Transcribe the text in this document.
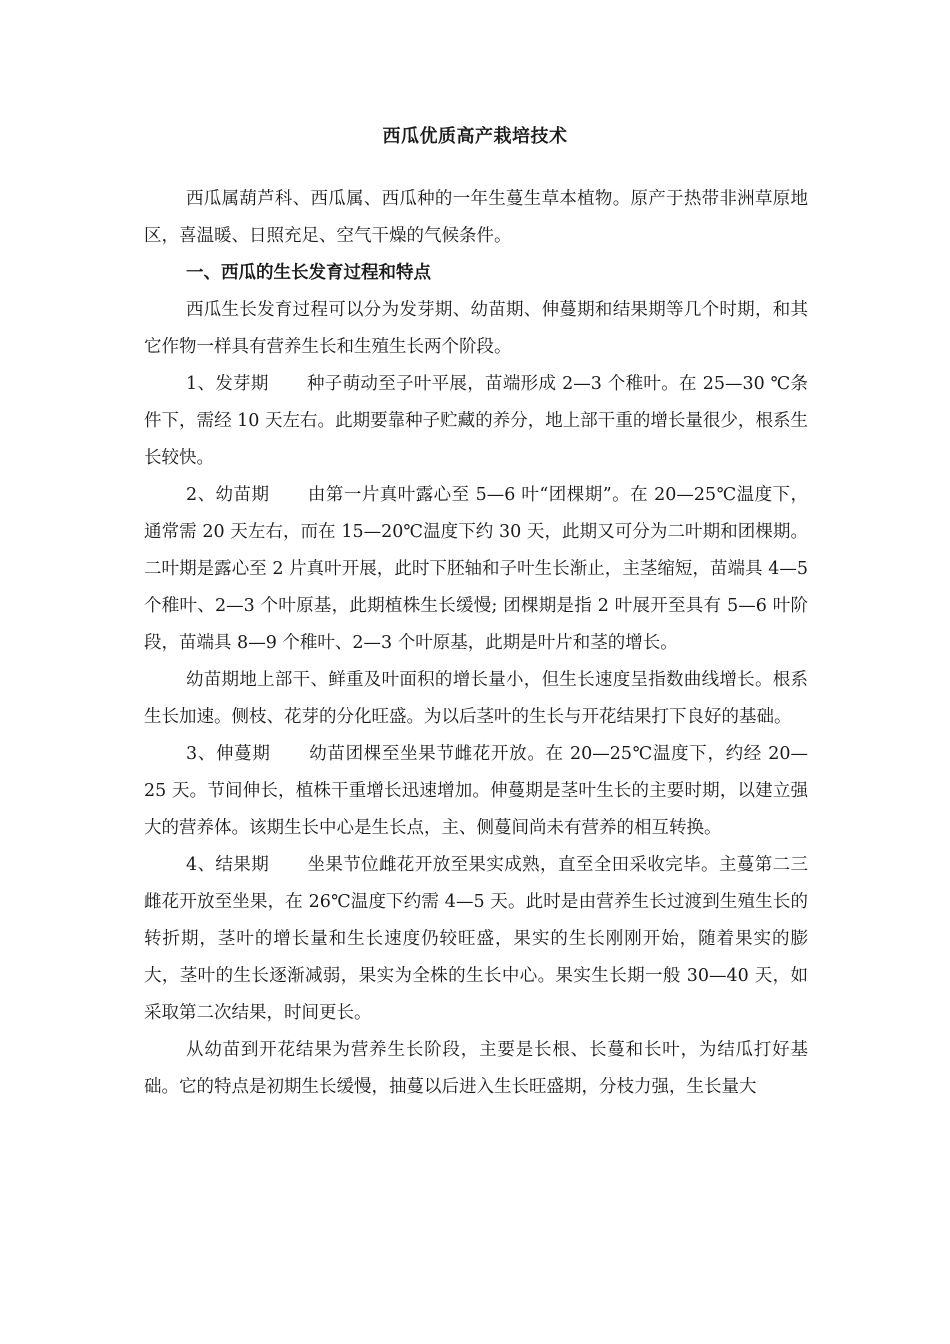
西瓜优质高产栽培技术

西瓜属葫芦科、西瓜属、西瓜种的一年生蔓生草本植物。原产于热带非洲草原地区，喜温暖、日照充足、空气干燥的气候条件。

一、西瓜的生长发育过程和特点

西瓜生长发育过程可以分为发芽期、幼苗期、伸蔓期和结果期等几个时期，和其它作物一样具有营养生长和生殖生长两个阶段。

1、发芽期 种子萌动至子叶平展，苗端形成 2—3 个稚叶。在 25—30 ℃条件下，需经 10 天左右。此期要靠种子贮藏的养分，地上部干重的增长量很少，根系生长较快。

2、幼苗期 由第一片真叶露心至 5—6 叶“团棵期”。在 20—25℃温度下，通常需 20 天左右，而在 15—20℃温度下约 30 天，此期又可分为二叶期和团棵期。二叶期是露心至 2 片真叶开展，此时下胚轴和子叶生长渐止，主茎缩短，苗端具 4—5 个稚叶、2—3 个叶原基，此期植株生长缓慢; 团棵期是指 2 叶展开至具有 5—6 叶阶段，苗端具 8—9 个稚叶、2—3 个叶原基，此期是叶片和茎的增长。

幼苗期地上部干、鲜重及叶面积的增长量小，但生长速度呈指数曲线增长。根系生长加速。侧枝、花芽的分化旺盛。为以后茎叶的生长与开花结果打下良好的基础。

3、伸蔓期 幼苗团棵至坐果节雌花开放。在 20—25℃温度下，约经 20—25 天。节间伸长，植株干重增长迅速增加。伸蔓期是茎叶生长的主要时期，以建立强大的营养体。该期生长中心是生长点，主、侧蔓间尚未有营养的相互转换。

4、结果期 坐果节位雌花开放至果实成熟，直至全田采收完毕。主蔓第二三雌花开放至坐果，在 26℃温度下约需 4—5 天。此时是由营养生长过渡到生殖生长的转折期，茎叶的增长量和生长速度仍较旺盛，果实的生长刚刚开始，随着果实的膨大，茎叶的生长逐渐减弱，果实为全株的生长中心。果实生长期一般 30—40 天，如采取第二次结果，时间更长。

从幼苗到开花结果为营养生长阶段，主要是长根、长蔓和长叶，为结瓜打好基础。它的特点是初期生长缓慢，抽蔓以后进入生长旺盛期，分枝力强，生长量大
